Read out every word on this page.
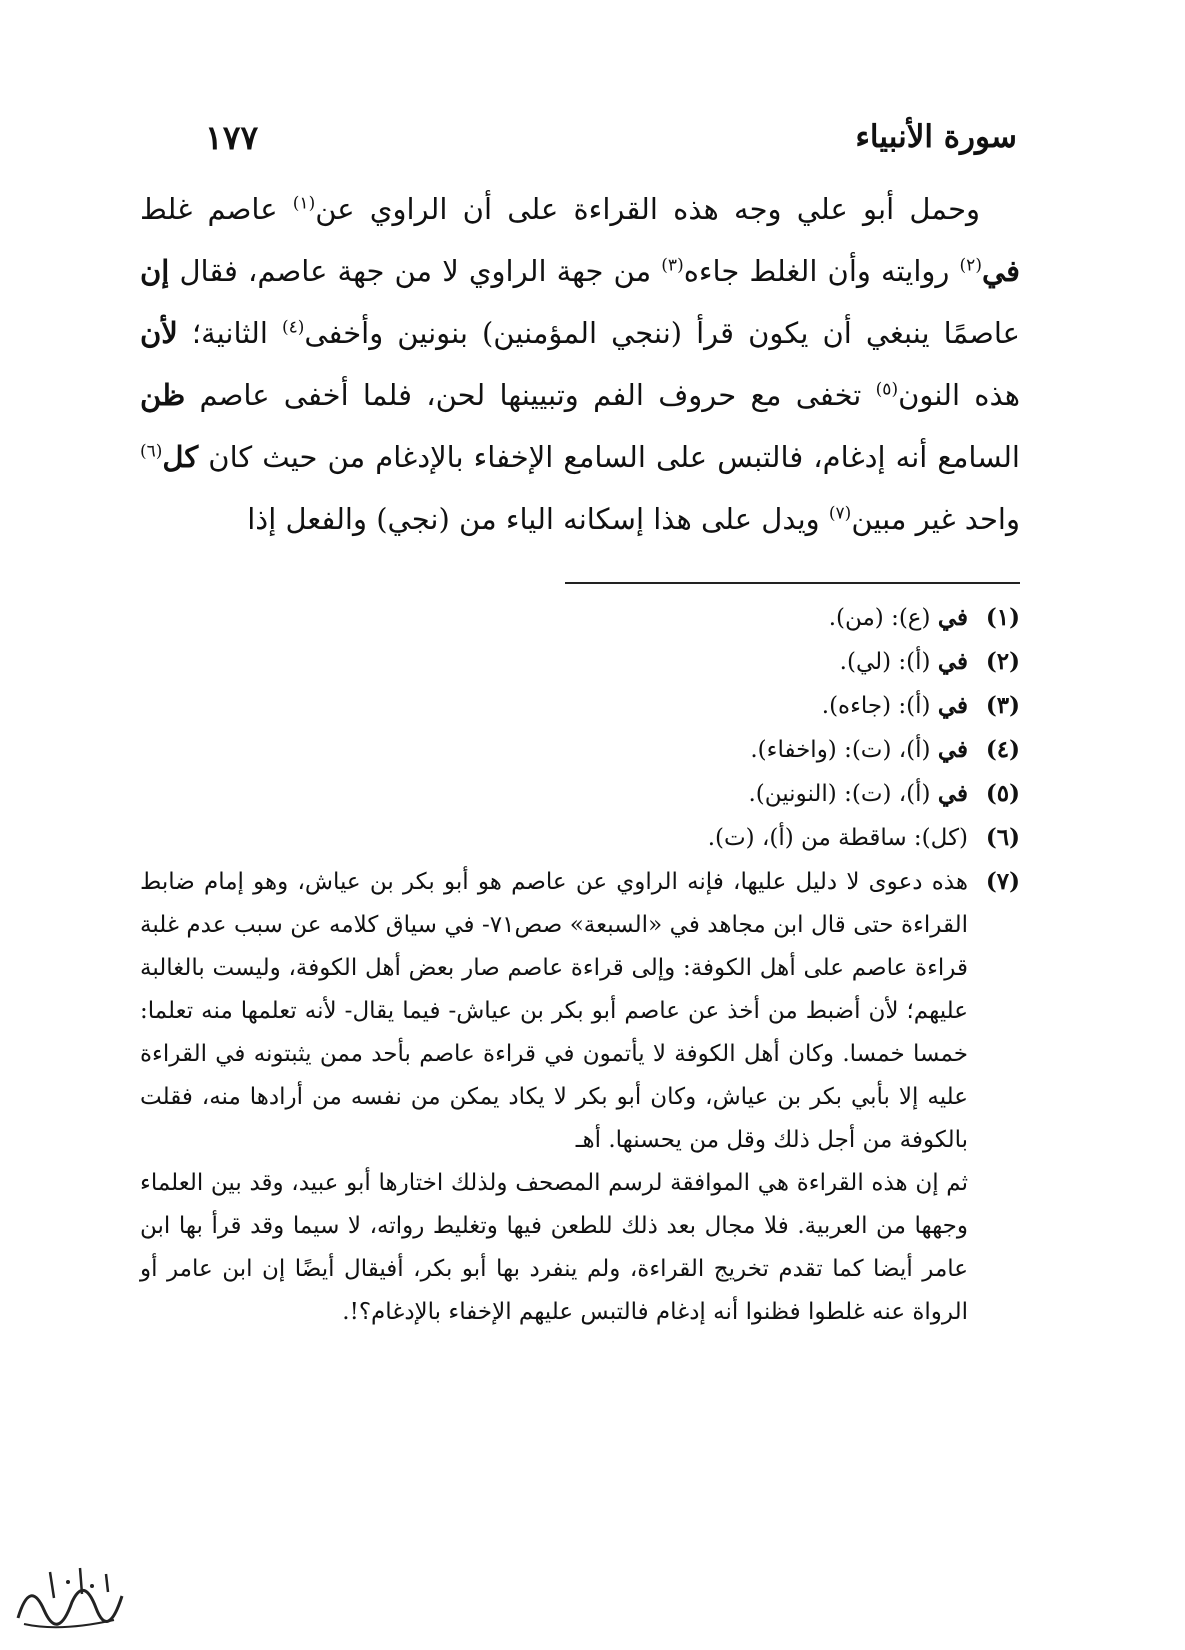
سورة الأنبياء
١٧٧

وحمل أبو علي وجه هذه القراءة على أن الراوي عن$^{(١)}$ عاصم غلط في$^{(٢)}$ روايته وأن الغلط جاءه$^{(٣)}$ من جهة الراوي لا من جهة عاصم، فقال إن عاصمًا ينبغي أن يكون قرأ (ننجي المؤمنين) بنونين وأخفى$^{(٤)}$ الثانية؛ لأن هذه النون$^{(٥)}$ تخفى مع حروف الفم وتبيينها لحن، فلما أخفى عاصم ظن السامع أنه إدغام، فالتبس على السامع الإخفاء بالإدغام من حيث كان كل$^{(٦)}$ واحد غير مبين$^{(٧)}$ ويدل على هذا إسكانه الياء من (نجي) والفعل إذا

(١)
في (ع): (من).
(٢)
في (أ): (لي).
(٣)
في (أ): (جاءه).
(٤)
في (أ)، (ت): (واخفاء).
(٥)
في (أ)، (ت): (النونين).
(٦)
(كل): ساقطة من (أ)، (ت).
(٧)
هذه دعوى لا دليل عليها، فإنه الراوي عن عاصم هو أبو بكر بن عياش، وهو إمام ضابط القراءة حتى قال ابن مجاهد في «السبعة» صص٧١- في سياق كلامه عن سبب عدم غلبة قراءة عاصم على أهل الكوفة: وإلى قراءة عاصم صار بعض أهل الكوفة، وليست بالغالبة عليهم؛ لأن أضبط من أخذ عن عاصم أبو بكر بن عياش- فيما يقال- لأنه تعلمها منه تعلما: خمسا خمسا. وكان أهل الكوفة لا يأتمون في قراءة عاصم بأحد ممن يثبتونه في القراءة عليه إلا بأبي بكر بن عياش، وكان أبو بكر لا يكاد يمكن من نفسه من أرادها منه، فقلت بالكوفة من أجل ذلك وقل من يحسنها. أهـ
ثم إن هذه القراءة هي الموافقة لرسم المصحف ولذلك اختارها أبو عبيد، وقد بين العلماء وجهها من العربية. فلا مجال بعد ذلك للطعن فيها وتغليط رواته، لا سيما وقد قرأ بها ابن عامر أيضا كما تقدم تخريج القراءة، ولم ينفرد بها أبو بكر، أفيقال أيضًا إن ابن عامر أو الرواة عنه غلطوا فظنوا أنه إدغام فالتبس عليهم الإخفاء بالإدغام؟!.
